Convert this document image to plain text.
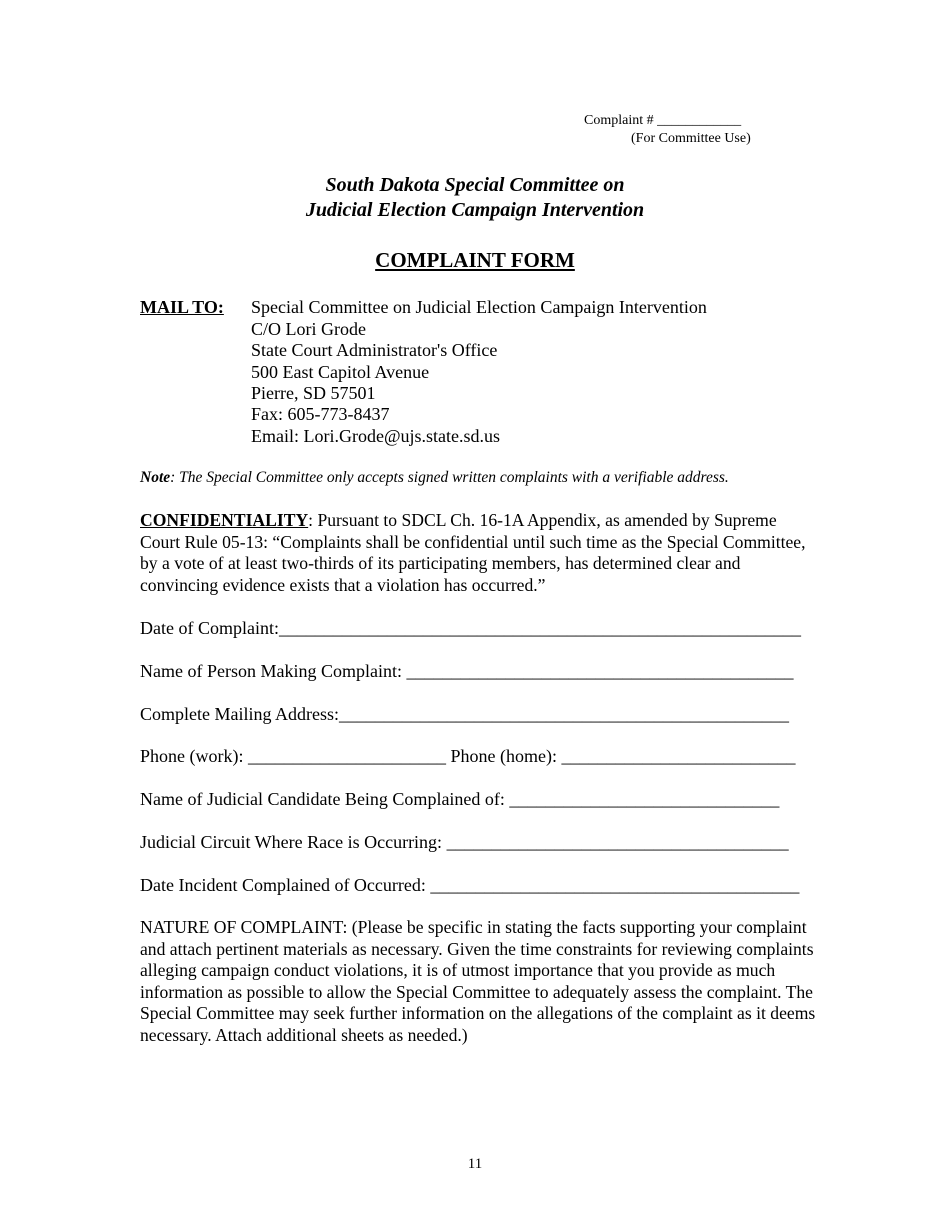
Complaint # ____________
(For Committee Use)
South Dakota Special Committee on
Judicial Election Campaign Intervention
COMPLAINT FORM
MAIL TO: Special Committee on Judicial Election Campaign Intervention
C/O Lori Grode
State Court Administrator's Office
500 East Capitol Avenue
Pierre, SD 57501
Fax: 605-773-8437
Email: Lori.Grode@ujs.state.sd.us
Note: The Special Committee only accepts signed written complaints with a verifiable address.
CONFIDENTIALITY: Pursuant to SDCL Ch. 16-1A Appendix, as amended by Supreme Court Rule 05-13: “Complaints shall be confidential until such time as the Special Committee, by a vote of at least two-thirds of its participating members, has determined clear and convincing evidence exists that a violation has occurred.”
Date of Complaint:__________________________________________________________
Name of Person Making Complaint: ___________________________________________
Complete Mailing Address:__________________________________________________
Phone (work): ______________________ Phone (home): __________________________
Name of Judicial Candidate Being Complained of: ______________________________
Judicial Circuit Where Race is Occurring: ______________________________________
Date Incident Complained of Occurred: _________________________________________
NATURE OF COMPLAINT: (Please be specific in stating the facts supporting your complaint and attach pertinent materials as necessary. Given the time constraints for reviewing complaints alleging campaign conduct violations, it is of utmost importance that you provide as much information as possible to allow the Special Committee to adequately assess the complaint. The Special Committee may seek further information on the allegations of the complaint as it deems necessary. Attach additional sheets as needed.)
11
